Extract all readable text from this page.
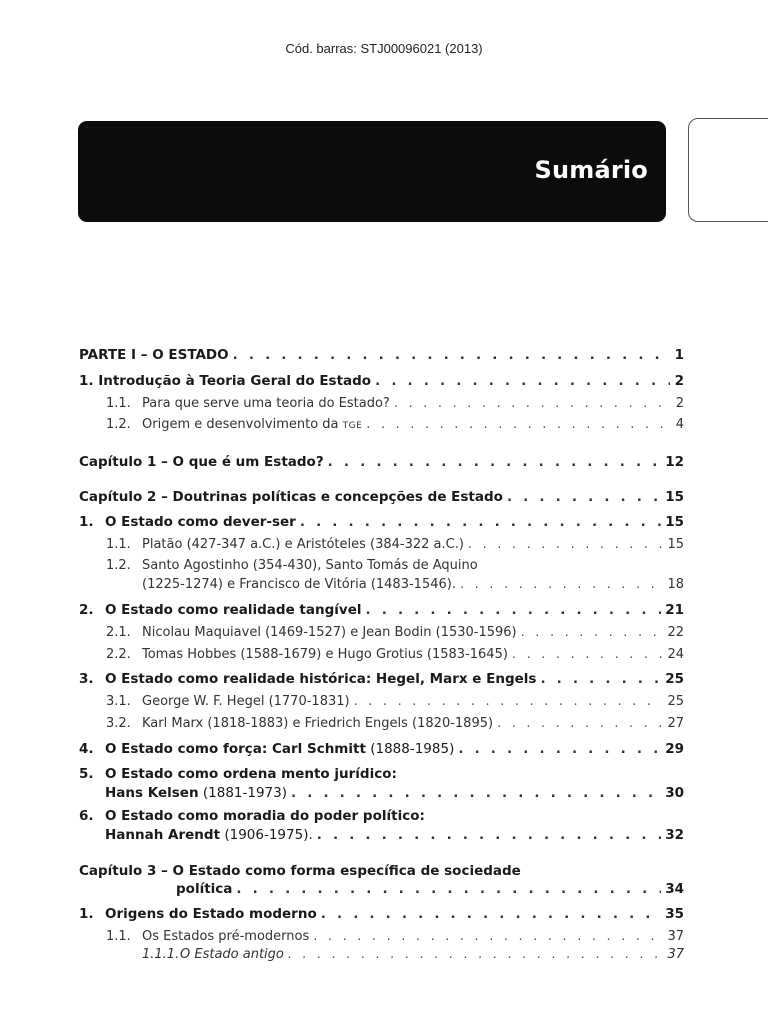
Cód. barras: STJ00096021 (2013)
Sumário
PARTE I – O ESTADO . . .	1
1. Introdução à Teoria Geral do Estado . . .	2
1.1. Para que serve uma teoria do Estado? . . .	2
1.2. Origem e desenvolvimento da TGE . . .	4
Capítulo 1 – O que é um Estado? . . .	12
Capítulo 2 – Doutrinas políticas e concepções de Estado . . .	15
1. O Estado como dever-ser . . .	15
1.1. Platão (427-347 a.C.) e Aristóteles (384-322 a.C.) . . .	15
1.2. Santo Agostinho (354-430), Santo Tomás de Aquino
(1225-1274) e Francisco de Vitória (1483-1546). . . .	18
2. O Estado como realidade tangível . . .	21
2.1. Nicolau Maquiavel (1469-1527) e Jean Bodin (1530-1596) . . .	22
2.2. Tomas Hobbes (1588-1679) e Hugo Grotius (1583-1645) . . .	24
3. O Estado como realidade histórica: Hegel, Marx e Engels . . .	25
3.1. George W. F. Hegel (1770-1831) . . .	25
3.2. Karl Marx (1818-1883) e Friedrich Engels (1820-1895) . . .	27
4. O Estado como força: Carl Schmitt (1888-1985) . . .	29
5. O Estado como ordena mento jurídico:
Hans Kelsen (1881-1973) . . .	30
6. O Estado como moradia do poder político:
Hannah Arendt (1906-1975). . . .	32
Capítulo 3 – O Estado como forma específica de sociedade
política . . .	34
1. Origens do Estado moderno . . .	35
1.1. Os Estados pré-modernos . . .	37
1.1.1.O Estado antigo . . .	37
